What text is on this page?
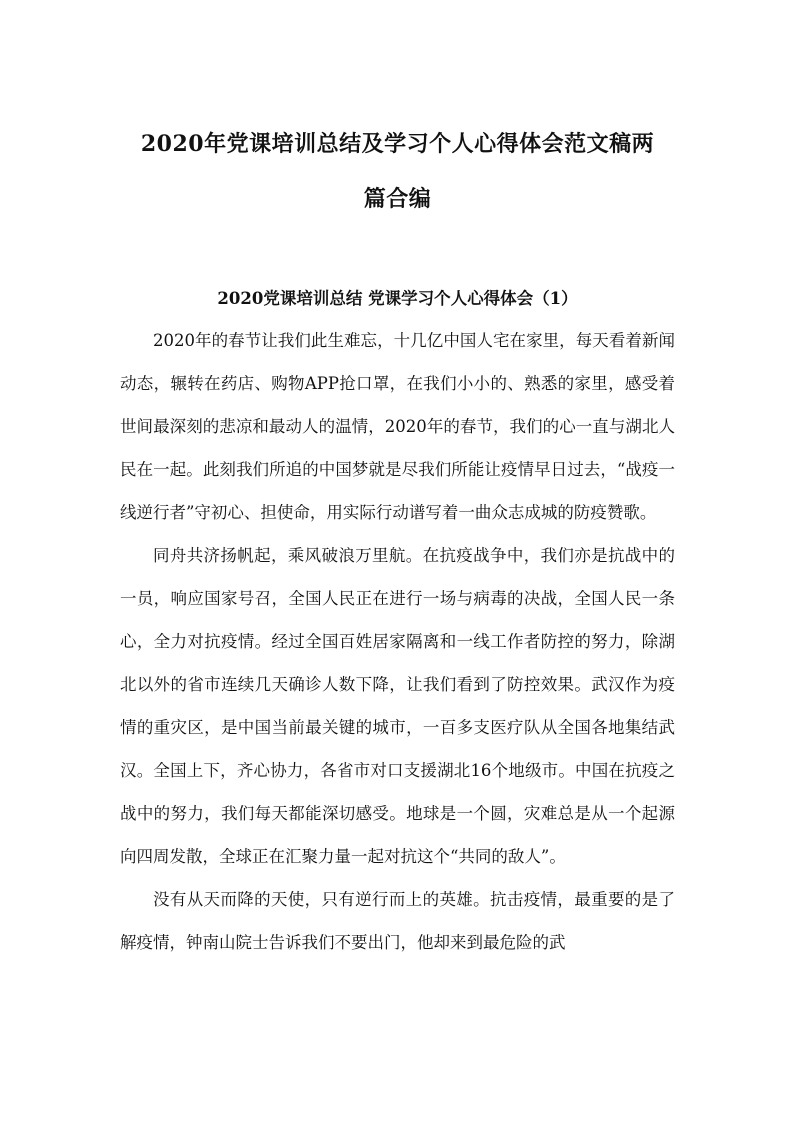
2020年党课培训总结及学习个人心得体会范文稿两
篇合编
2020党课培训总结 党课学习个人心得体会（1）

2020年的春节让我们此生难忘，十几亿中国人宅在家里，每天看着新闻动态，辗转在药店、购物APP抢口罩，在我们小小的、熟悉的家里，感受着世间最深刻的悲凉和最动人的温情，2020年的春节，我们的心一直与湖北人民在一起。此刻我们所追的中国梦就是尽我们所能让疫情早日过去，“战疫一线逆行者”守初心、担使命，用实际行动谱写着一曲众志成城的防疫赞歌。

同舟共济扬帆起，乘风破浪万里航。在抗疫战争中，我们亦是抗战中的一员，响应国家号召，全国人民正在进行一场与病毒的决战，全国人民一条心，全力对抗疫情。经过全国百姓居家隔离和一线工作者防控的努力，除湖北以外的省市连续几天确诊人数下降，让我们看到了防控效果。武汉作为疫情的重灾区，是中国当前最关键的城市，一百多支医疗队从全国各地集结武汉。全国上下，齐心协力，各省市对口支援湖北16个地级市。中国在抗疫之战中的努力，我们每天都能深切感受。地球是一个圆，灾难总是从一个起源向四周发散，全球正在汇聚力量一起对抗这个“共同的敌人”。

没有从天而降的天使，只有逆行而上的英雄。抗击疫情，最重要的是了解疫情，钟南山院士告诉我们不要出门，他却来到最危险的武
